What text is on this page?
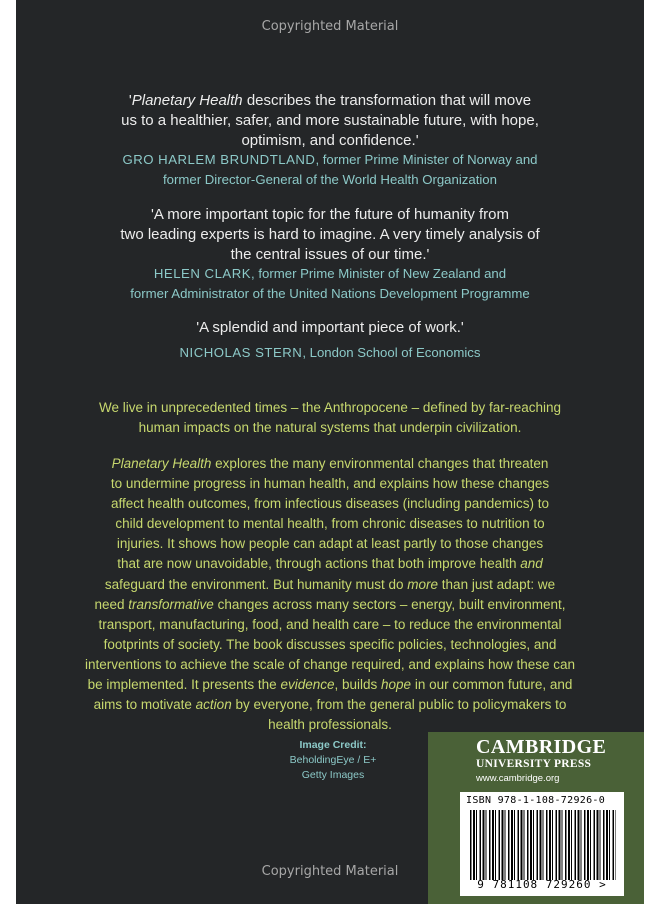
Copyrighted Material
'Planetary Health describes the transformation that will move
us to a healthier, safer, and more sustainable future, with hope,
optimism, and confidence.'
GRO HARLEM BRUNDTLAND, former Prime Minister of Norway and
former Director-General of the World Health Organization
'A more important topic for the future of humanity from
two leading experts is hard to imagine. A very timely analysis of
the central issues of our time.'
HELEN CLARK, former Prime Minister of New Zealand and
former Administrator of the United Nations Development Programme
'A splendid and important piece of work.'
NICHOLAS STERN, London School of Economics
We live in unprecedented times – the Anthropocene – defined by far-reaching
human impacts on the natural systems that underpin civilization.
Planetary Health explores the many environmental changes that threaten
to undermine progress in human health, and explains how these changes
affect health outcomes, from infectious diseases (including pandemics) to
child development to mental health, from chronic diseases to nutrition to
injuries. It shows how people can adapt at least partly to those changes
that are now unavoidable, through actions that both improve health and
safeguard the environment. But humanity must do more than just adapt: we
need transformative changes across many sectors – energy, built environment,
transport, manufacturing, food, and health care – to reduce the environmental
footprints of society. The book discusses specific policies, technologies, and
interventions to achieve the scale of change required, and explains how these can
be implemented. It presents the evidence, builds hope in our common future, and
aims to motivate action by everyone, from the general public to policymakers to
health professionals.
Image Credit:
BeholdingEye / E+
Getty Images
CAMBRIDGE
UNIVERSITY PRESS
www.cambridge.org
ISBN 978-1-108-72926-0
9 781108 729260 >
Copyrighted Material
